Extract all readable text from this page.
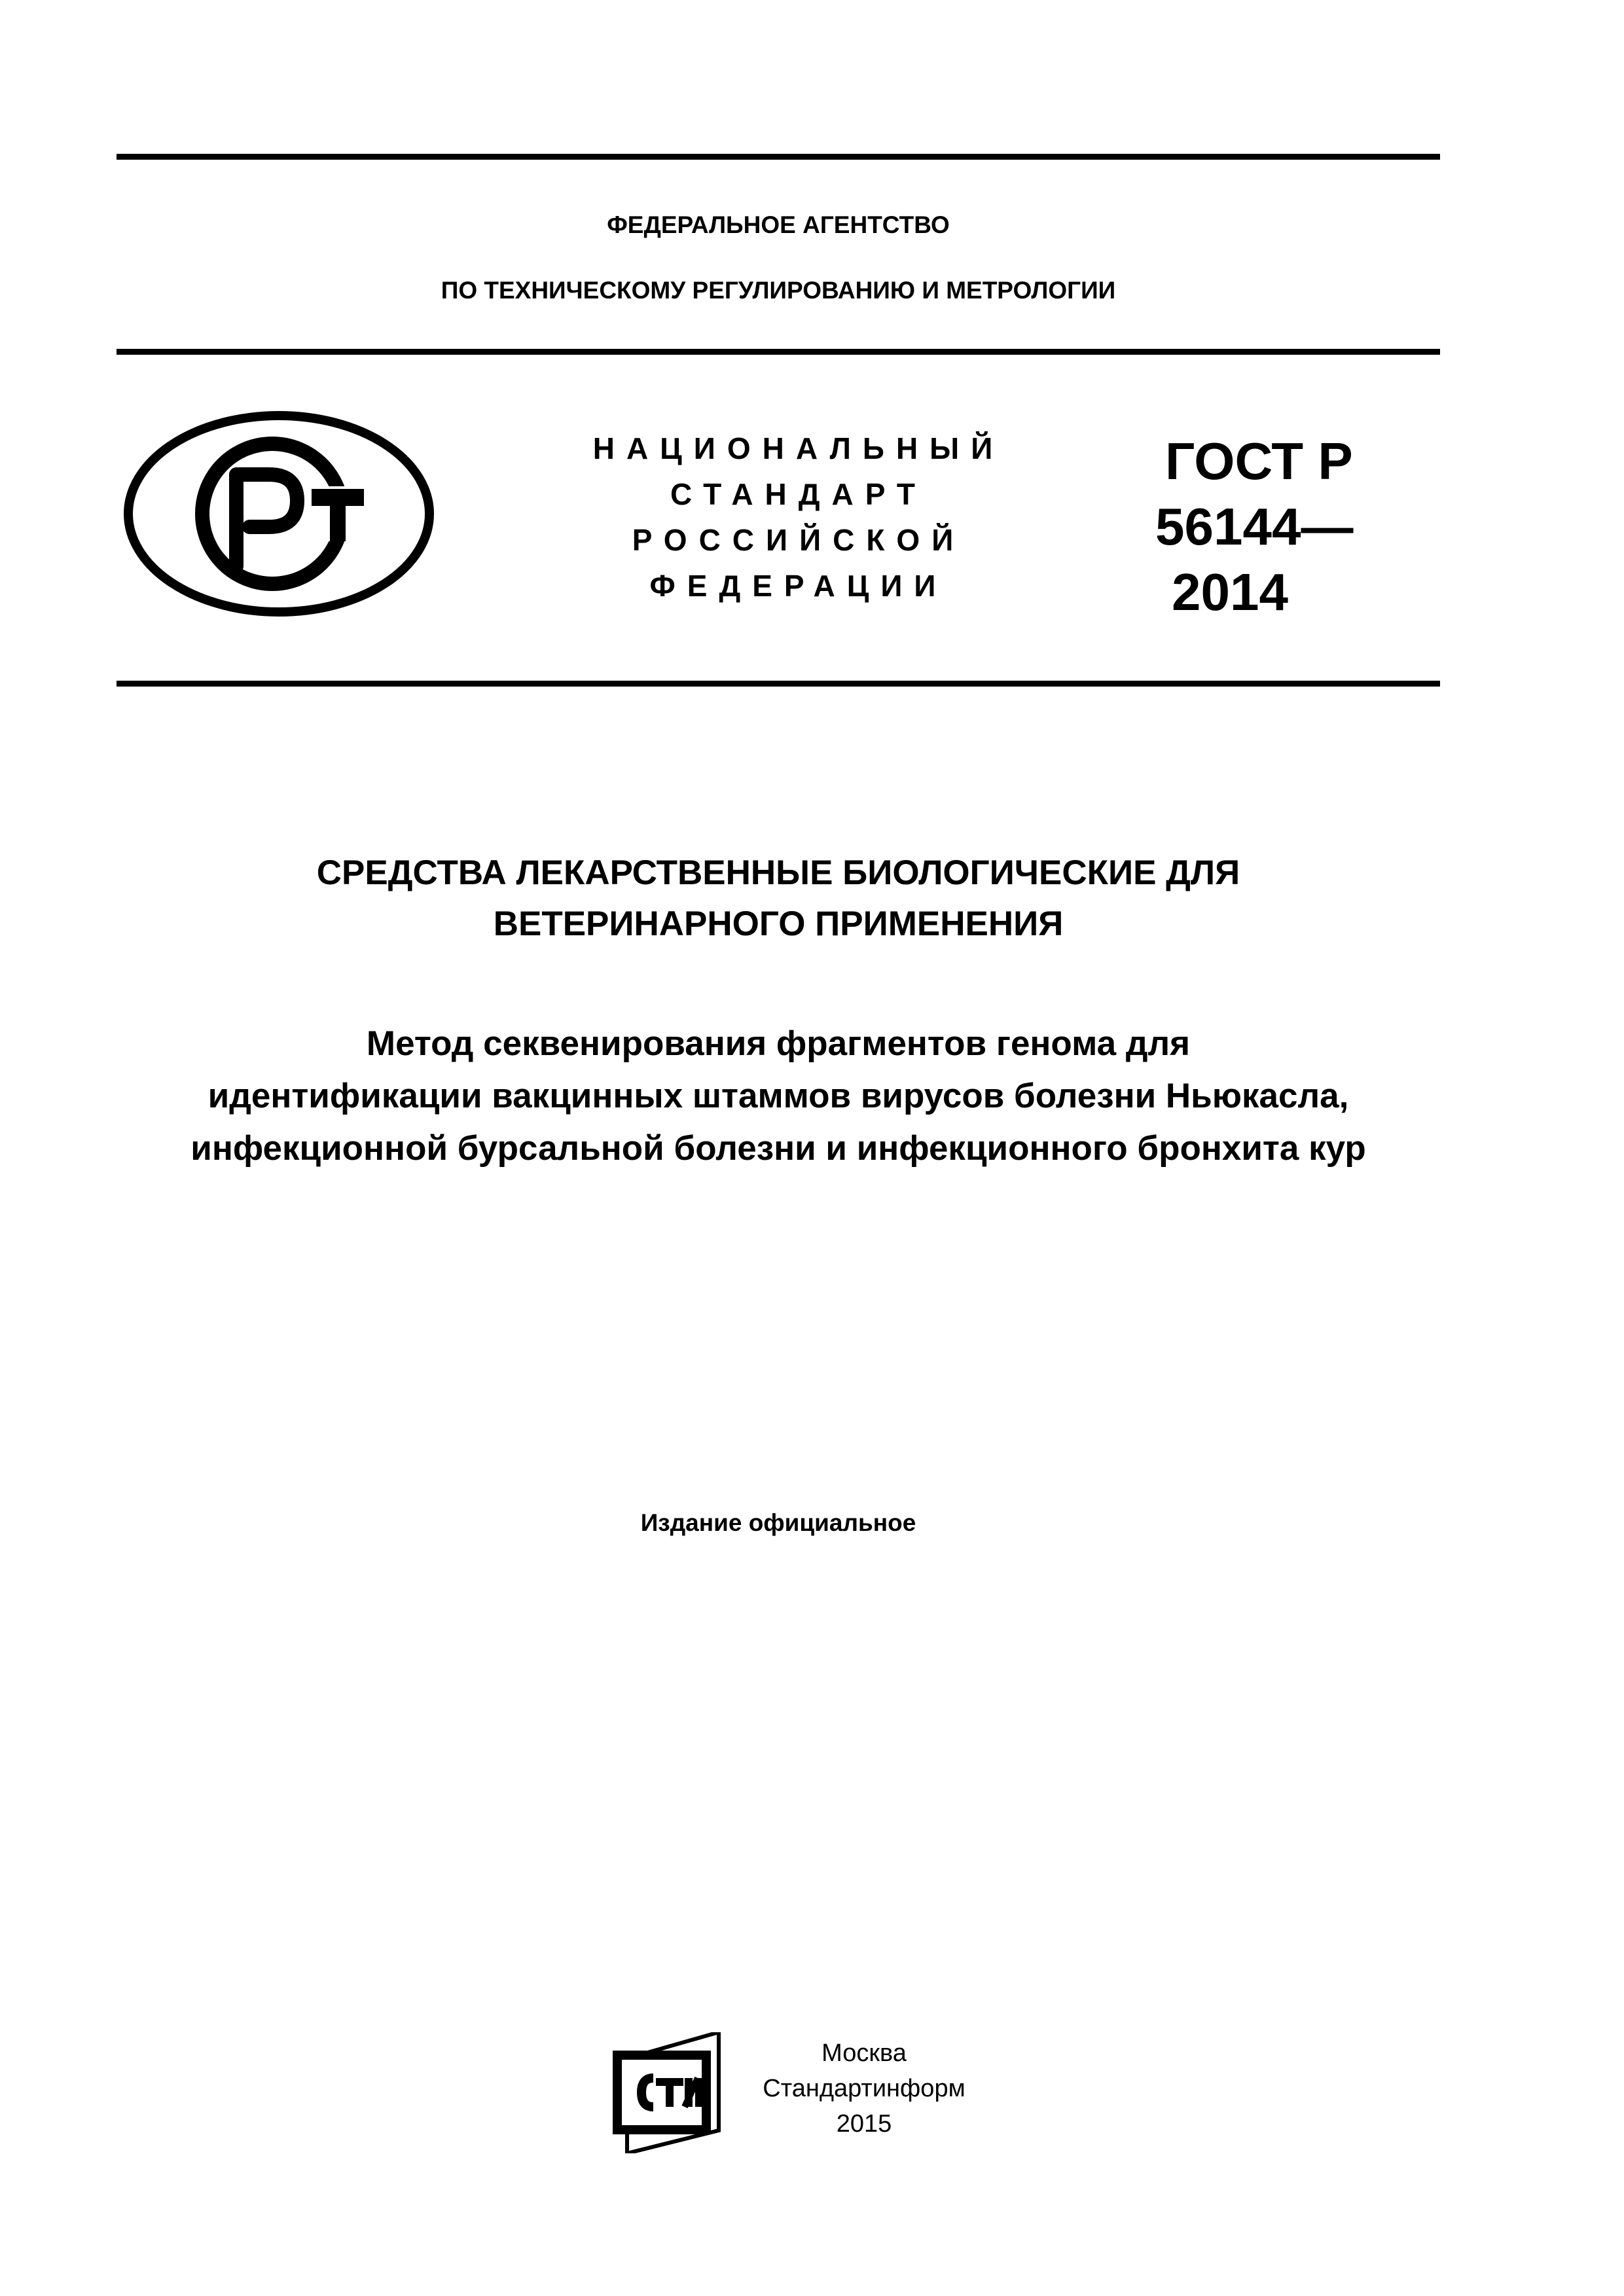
ФЕДЕРАЛЬНОЕ АГЕНТСТВО
ПО ТЕХНИЧЕСКОМУ РЕГУЛИРОВАНИЮ И МЕТРОЛОГИИ
НАЦИОНАЛЬНЫЙ
СТАНДАРТ
РОССИЙСКОЙ
ФЕДЕРАЦИИ
ГОСТ Р
56144—
2014
СРЕДСТВА ЛЕКАРСТВЕННЫЕ БИОЛОГИЧЕСКИЕ ДЛЯ
ВЕТЕРИНАРНОГО ПРИМЕНЕНИЯ
Метод секвенирования фрагментов генома для
идентификации вакцинных штаммов вирусов болезни Ньюкасла,
инфекционной бурсальной болезни и инфекционного бронхита кур
Издание официальное
Москва
Стандартинформ
2015
